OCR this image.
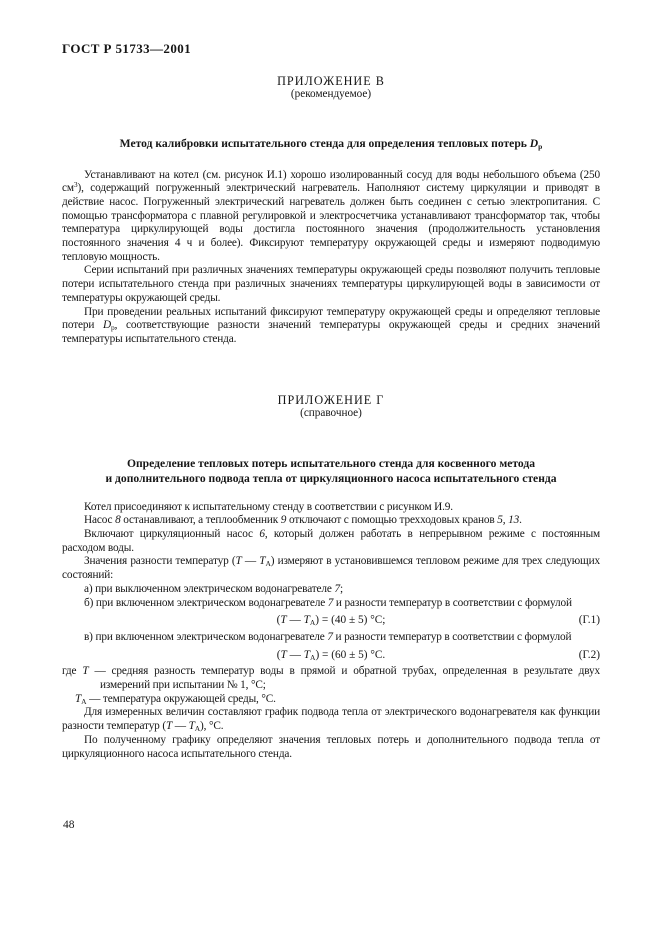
ГОСТ Р 51733—2001
ПРИЛОЖЕНИЕ В
(рекомендуемое)
Метод калибровки испытательного стенда для определения тепловых потерь $D_р$

Устанавливают на котел (см. рисунок И.1) хорошо изолированный сосуд для воды небольшого объема (250 $см^3$), содержащий погруженный электрический нагреватель. Наполняют систему циркуляции и приводят в действие насос. Погруженный электрический нагреватель должен быть соединен с сетью электропитания. С помощью трансформатора с плавной регулировкой и электросчетчика устанавливают трансформатор так, чтобы температура циркулирующей воды достигла постоянного значения (продолжительность установления постоянного значения 4 ч и более). Фиксируют температуру окружающей среды и измеряют подводимую тепловую мощность.

Серии испытаний при различных значениях температуры окружающей среды позволяют получить тепловые потери испытательного стенда при различных значениях температуры циркулирующей воды в зависимости от температуры окружающей среды.

При проведении реальных испытаний фиксируют температуру окружающей среды и определяют тепловые потери $D_р$, соответствующие разности значений температуры окружающей среды и средних значений температуры испытательного стенда.

ПРИЛОЖЕНИЕ Г
(справочное)
Определение тепловых потерь испытательного стенда для косвенного метода
и дополнительного подвода тепла от циркуляционного насоса испытательного стенда

Котел присоединяют к испытательному стенду в соответствии с рисунком И.9.

Насос 8 останавливают, а теплообменник 9 отключают с помощью трехходовых кранов 5, 13.

Включают циркуляционный насос 6, который должен работать в непрерывном режиме с постоянным расходом воды.

Значения разности температур (T — $T_А$) измеряют в установившемся тепловом режиме для трех следующих состояний:

а) при выключенном электрическом водонагревателе 7;

б) при включенном электрическом водонагревателе 7 и разности температур в соответствии с формулой

(T — $T_А) = (40 \pm 5)$ °С;	(Г.1)

в) при включенном электрическом водонагревателе 7 и разности температур в соответствии с формулой

(T — $T_А) = (60 \pm 5)$ °С.	(Г.2)

где T — средняя разность температур воды в прямой и обратной трубах, определенная в результате двух измерений при испытании № 1, °С;

$T_А$ — температура окружающей среды, °С.

Для измеренных величин составляют график подвода тепла от электрического водонагревателя как функции разности температур (T — $T_А$), °С.

По полученному графику определяют значения тепловых потерь и дополнительного подвода тепла от циркуляционного насоса испытательного стенда.

48
